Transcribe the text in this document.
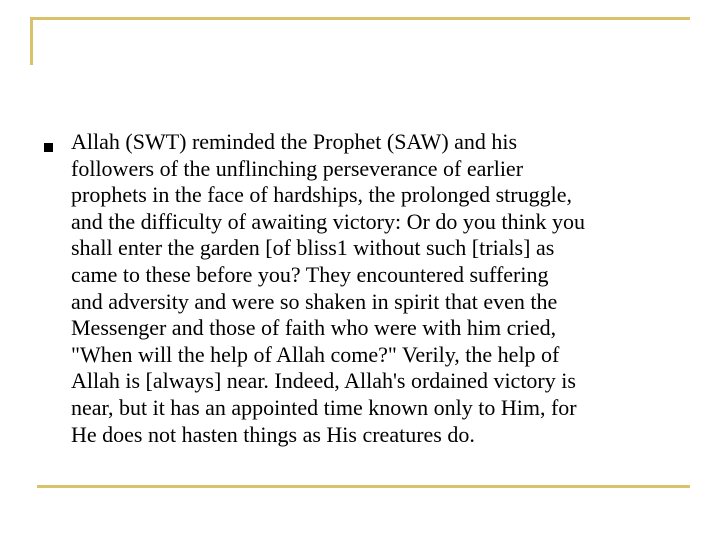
Allah (SWT) reminded the Prophet (SAW) and his
followers of the unflinching perseverance of earlier
prophets in the face of hardships, the prolonged struggle,
and the difficulty of awaiting victory: Or do you think you
shall enter the garden [of bliss1 without such [trials] as
came to these before you? They encountered suffering
and adversity and were so shaken in spirit that even the
Messenger and those of faith who were with him cried,
"When will the help of Allah come?" Verily, the help of
Allah is [always] near. Indeed, Allah's ordained victory is
near, but it has an appointed time known only to Him, for
He does not hasten things as His creatures do.
